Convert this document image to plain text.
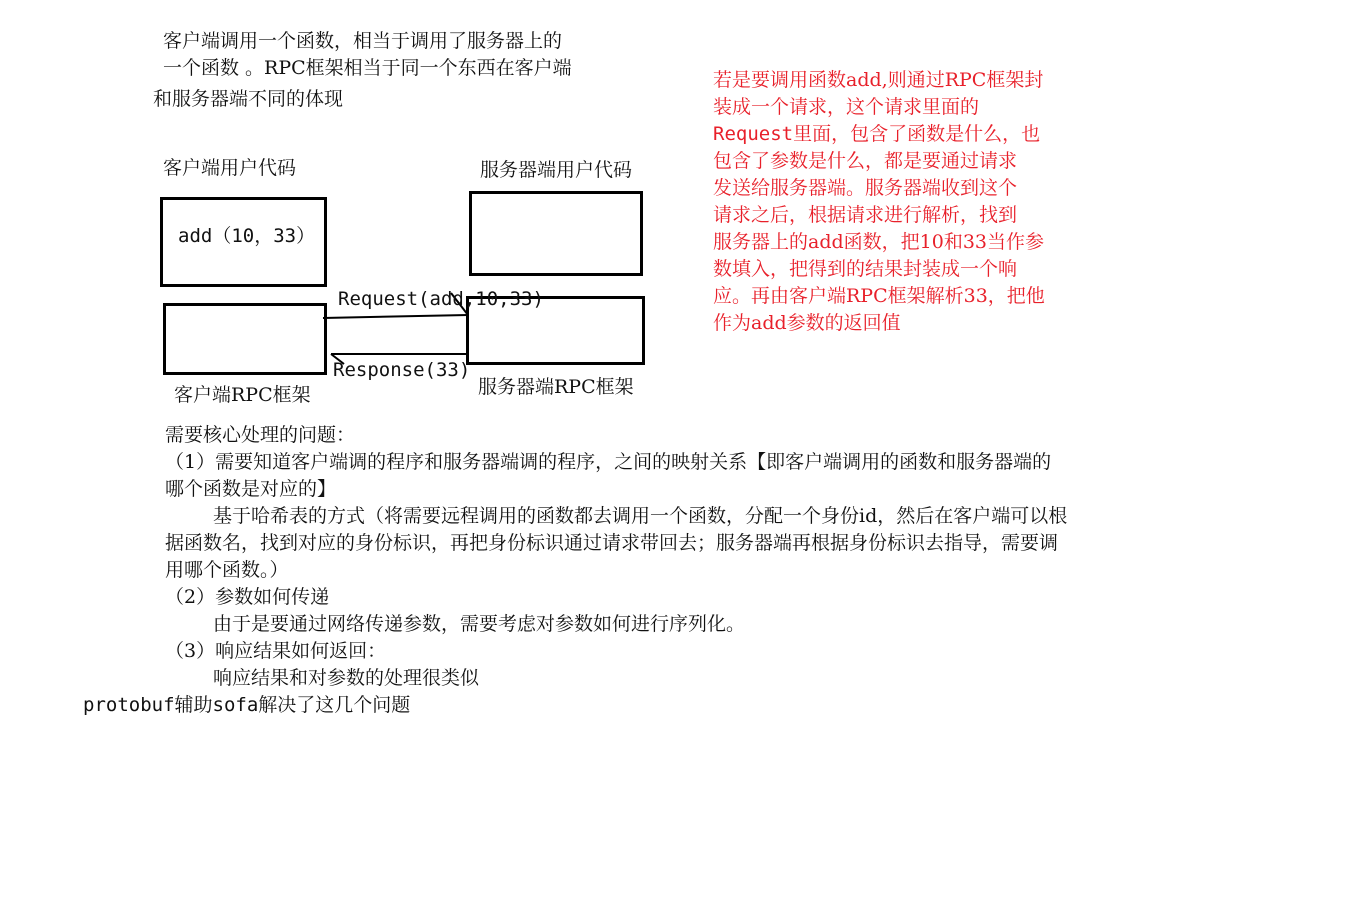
客户端调用一个函数，相当于调用了服务器上的
一个函数 。RPC框架相当于同一个东西在客户端
和服务器端不同的体现
客户端用户代码	服务器端用户代码
add（10，33）
Request(add,10,33)
Response(33)
客户端RPC框架	服务器端RPC框架
若是要调用函数add,则通过RPC框架封
装成一个请求，这个请求里面的
Request里面，包含了函数是什么，也
包含了参数是什么，都是要通过请求
发送给服务器端。服务器端收到这个
请求之后，根据请求进行解析，找到
服务器上的add函数，把10和33当作参
数填入，把得到的结果封装成一个响
应。再由客户端RPC框架解析33，把他
作为add参数的返回值
需要核心处理的问题：
（1）需要知道客户端调的程序和服务器端调的程序，之间的映射关系【即客户端调用的函数和服务器端的
哪个函数是对应的】
基于哈希表的方式（将需要远程调用的函数都去调用一个函数，分配一个身份id，然后在客户端可以根
据函数名，找到对应的身份标识，再把身份标识通过请求带回去；服务器端再根据身份标识去指导，需要调
用哪个函数。）
（2）参数如何传递
由于是要通过网络传递参数，需要考虑对参数如何进行序列化。
（3）响应结果如何返回：
响应结果和对参数的处理很类似
protobuf辅助sofa解决了这几个问题
